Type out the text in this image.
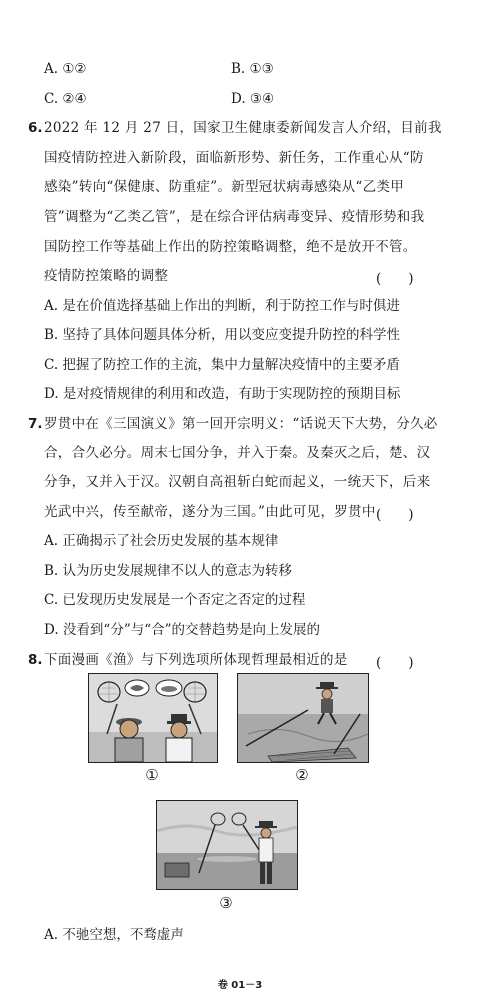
A. ①②	B. ①③
C. ②④	D. ③④
6. 2022 年 12 月 27 日，国家卫生健康委新闻发言人介绍，目前我
国疫情防控进入新阶段，面临新形势、新任务，工作重心从“防
感染”转向“保健康、防重症”。新型冠状病毒感染从“乙类甲
管”调整为“乙类乙管”，是在综合评估病毒变异、疫情形势和我
国防控工作等基础上作出的防控策略调整，绝不是放开不管。
疫情防控策略的调整	(　　)
A. 是在价值选择基础上作出的判断，利于防控工作与时俱进
B. 坚持了具体问题具体分析，用以变应变提升防控的科学性
C. 把握了防控工作的主流，集中力量解决疫情中的主要矛盾
D. 是对疫情规律的利用和改造，有助于实现防控的预期目标
7. 罗贯中在《三国演义》第一回开宗明义：“话说天下大势，分久必
合，合久必分。周末七国分争，并入于秦。及秦灭之后，楚、汉
分争，又并入于汉。汉朝自高祖斩白蛇而起义，一统天下，后来
光武中兴，传至献帝，遂分为三国。”由此可见，罗贯中 (　　)
A. 正确揭示了社会历史发展的基本规律
B. 认为历史发展规律不以人的意志为转移
C. 已发现历史发展是一个否定之否定的过程
D. 没看到“分”与“合”的交替趋势是向上发展的
8. 下面漫画《渔》与下列选项所体现哲理最相近的是 (　　)
①	②
③
A. 不驰空想，不骛虚声
卷 01－3
